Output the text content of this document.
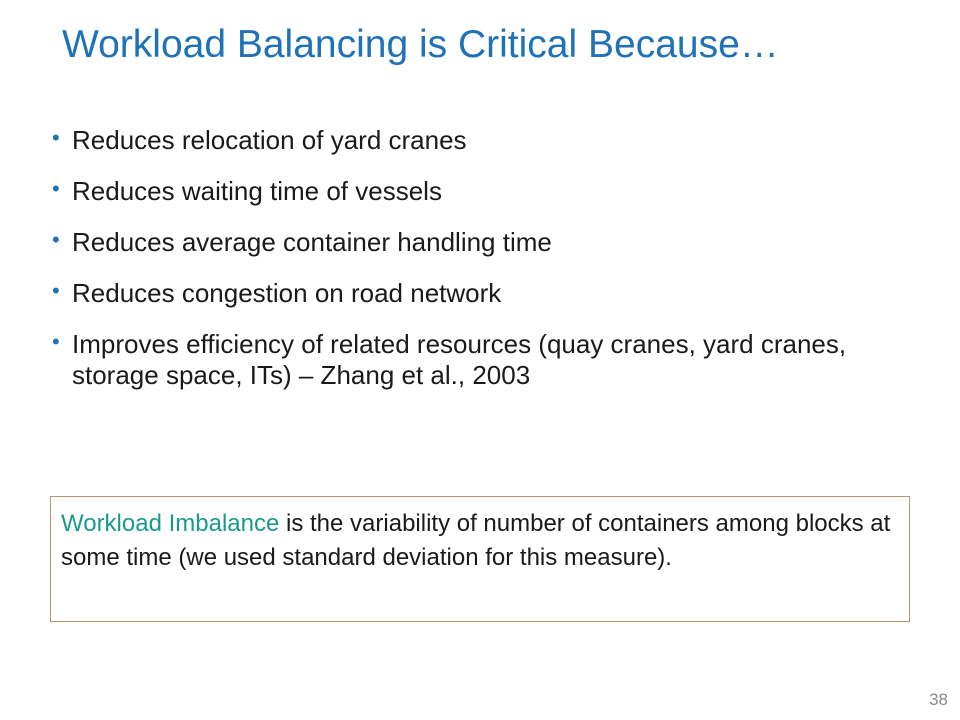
Workload Balancing is Critical Because…
• Reduces relocation of yard cranes
• Reduces waiting time of vessels
• Reduces average container handling time
• Reduces congestion on road network
• Improves efficiency of related resources (quay cranes, yard cranes, storage space, ITs) – Zhang et al., 2003
Workload Imbalance is the variability of number of containers among blocks at some time (we used standard deviation for this measure).
38
